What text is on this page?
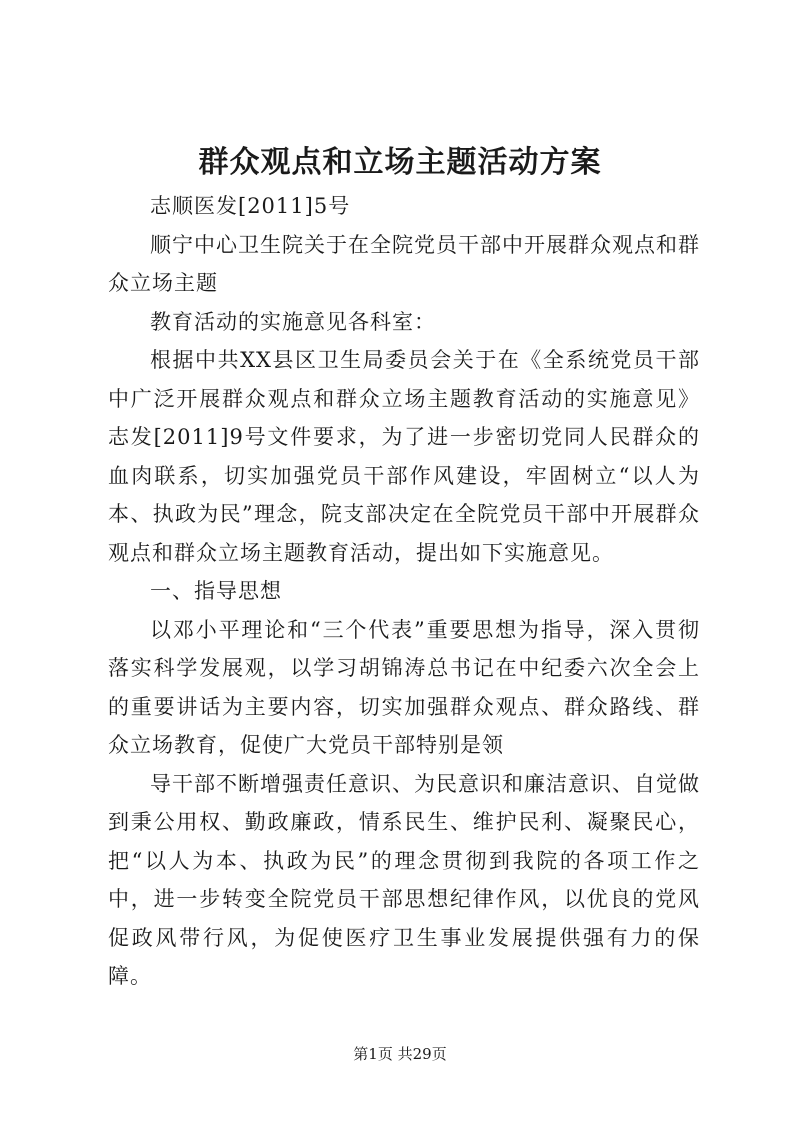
群众观点和立场主题活动方案

志顺医发[2011]5号

顺宁中心卫生院关于在全院党员干部中开展群众观点和群众立场主题

教育活动的实施意见各科室：

根据中共XX县区卫生局委员会关于在《全系统党员干部中广泛开展群众观点和群众立场主题教育活动的实施意见》志发[2011]9号文件要求，为了进一步密切党同人民群众的血肉联系，切实加强党员干部作风建设，牢固树立“以人为本、执政为民”理念，院支部决定在全院党员干部中开展群众观点和群众立场主题教育活动，提出如下实施意见。

一、指导思想

以邓小平理论和“三个代表”重要思想为指导，深入贯彻落实科学发展观，以学习胡锦涛总书记在中纪委六次全会上的重要讲话为主要内容，切实加强群众观点、群众路线、群众立场教育，促使广大党员干部特别是领

导干部不断增强责任意识、为民意识和廉洁意识、自觉做到秉公用权、勤政廉政，情系民生、维护民利、凝聚民心，把“以人为本、执政为民”的理念贯彻到我院的各项工作之中，进一步转变全院党员干部思想纪律作风，以优良的党风促政风带行风，为促使医疗卫生事业发展提供强有力的保障。

第1页 共29页
